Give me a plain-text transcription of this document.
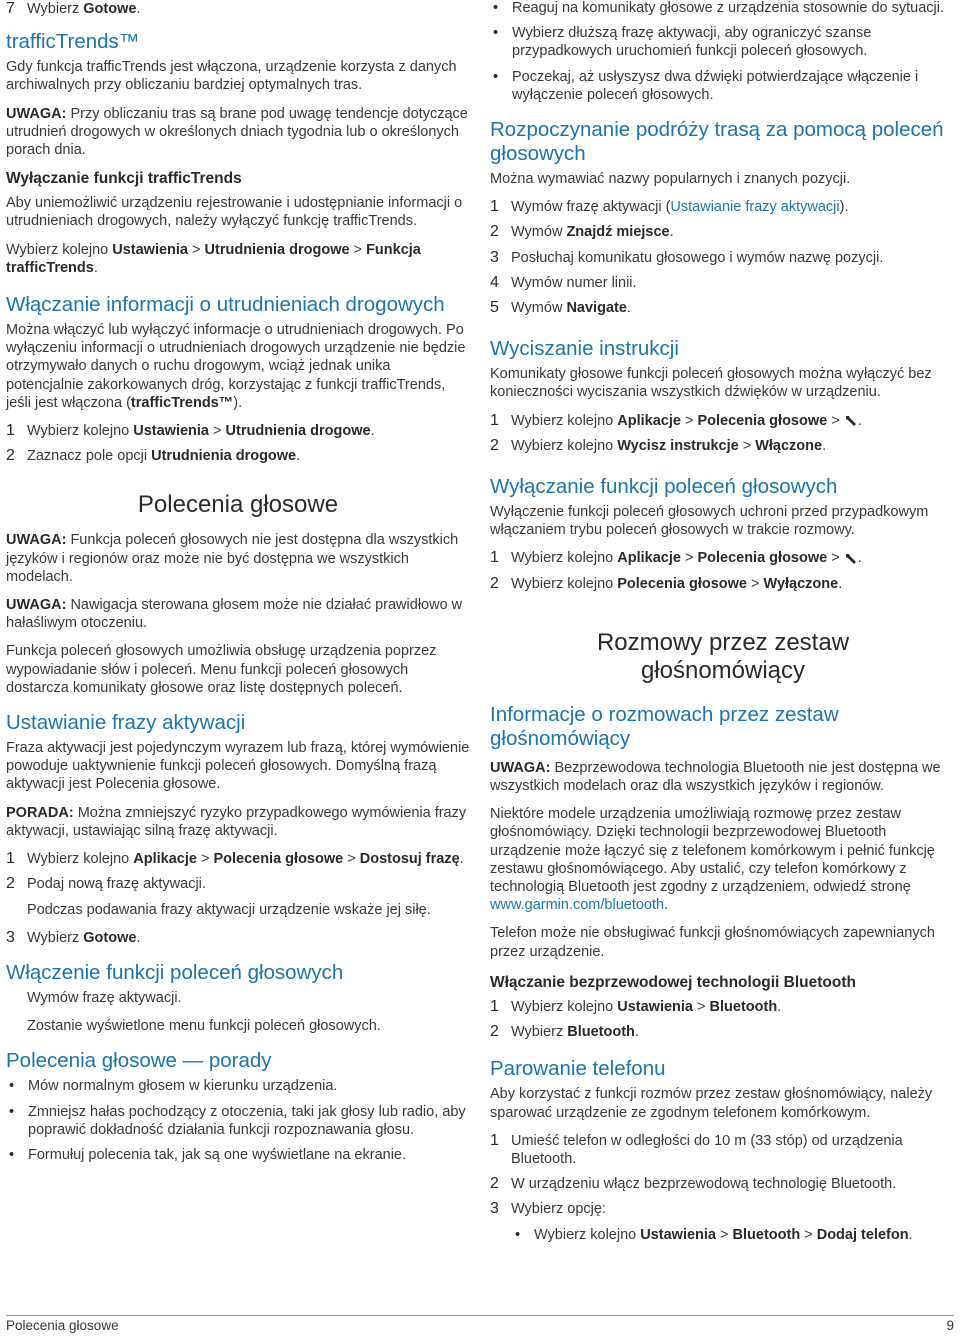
7 Wybierz Gotowe.
trafficTrends™

Gdy funkcja trafficTrends jest włączona, urządzenie korzysta z danych archiwalnych przy obliczaniu bardziej optymalnych tras.

UWAGA: Przy obliczaniu tras są brane pod uwagę tendencje dotyczące utrudnień drogowych w określonych dniach tygodnia lub o określonych porach dnia.

Wyłączanie funkcji trafficTrends

Aby uniemożliwić urządzeniu rejestrowanie i udostępnianie informacji o utrudnieniach drogowych, należy wyłączyć funkcję trafficTrends.

Wybierz kolejno Ustawienia > Utrudnienia drogowe > Funkcja trafficTrends.

Włączanie informacji o utrudnieniach drogowych

Można włączyć lub wyłączyć informacje o utrudnieniach drogowych. Po wyłączeniu informacji o utrudnieniach drogowych urządzenie nie będzie otrzymywało danych o ruchu drogowym, wciąż jednak unika potencjalnie zakorkowanych dróg, korzystając z funkcji trafficTrends, jeśli jest włączona (trafficTrends™).

1 Wybierz kolejno Ustawienia > Utrudnienia drogowe.
2 Zaznacz pole opcji Utrudnienia drogowe.
Polecenia głosowe

UWAGA: Funkcja poleceń głosowych nie jest dostępna dla wszystkich języków i regionów oraz może nie być dostępna we wszystkich modelach.

UWAGA: Nawigacja sterowana głosem może nie działać prawidłowo w hałaśliwym otoczeniu.

Funkcja poleceń głosowych umożliwia obsługę urządzenia poprzez wypowiadanie słów i poleceń. Menu funkcji poleceń głosowych dostarcza komunikaty głosowe oraz listę dostępnych poleceń.

Ustawianie frazy aktywacji

Fraza aktywacji jest pojedynczym wyrazem lub frazą, której wymówienie powoduje uaktywnienie funkcji poleceń głosowych. Domyślną frazą aktywacji jest Polecenia głosowe.

PORADA: Można zmniejszyć ryzyko przypadkowego wymówienia frazy aktywacji, ustawiając silną frazę aktywacji.

1 Wybierz kolejno Aplikacje > Polecenia głosowe > Dostosuj frazę.
2 Podaj nową frazę aktywacji.

Podczas podawania frazy aktywacji urządzenie wskaże jej siłę.

3 Wybierz Gotowe.
Włączenie funkcji poleceń głosowych

Wymów frazę aktywacji.

Zostanie wyświetlone menu funkcji poleceń głosowych.

Polecenia głosowe — porady
• Mów normalnym głosem w kierunku urządzenia.
• Zmniejsz hałas pochodzący z otoczenia, taki jak głosy lub radio, aby poprawić dokładność działania funkcji rozpoznawania głosu.
• Formułuj polecenia tak, jak są one wyświetlane na ekranie.
• Reaguj na komunikaty głosowe z urządzenia stosownie do sytuacji.
• Wybierz dłuższą frazę aktywacji, aby ograniczyć szanse przypadkowych uruchomień funkcji poleceń głosowych.
• Poczekaj, aż usłyszysz dwa dźwięki potwierdzające włączenie i wyłączenie poleceń głosowych.
Rozpoczynanie podróży trasą za pomocą poleceń głosowych

Można wymawiać nazwy popularnych i znanych pozycji.

1 Wymów frazę aktywacji (Ustawianie frazy aktywacji).
2 Wymów Znajdź miejsce.
3 Posłuchaj komunikatu głosowego i wymów nazwę pozycji.
4 Wymów numer linii.
5 Wymów Navigate.
Wyciszanie instrukcji

Komunikaty głosowe funkcji poleceń głosowych można wyłączyć bez konieczności wyciszania wszystkich dźwięków w urządzeniu.

1 Wybierz kolejno Aplikacje > Polecenia głosowe > .
2 Wybierz kolejno Wycisz instrukcje > Włączone.
Wyłączanie funkcji poleceń głosowych

Wyłączenie funkcji poleceń głosowych uchroni przed przypadkowym włączaniem trybu poleceń głosowych w trakcie rozmowy.

1 Wybierz kolejno Aplikacje > Polecenia głosowe > .
2 Wybierz kolejno Polecenia głosowe > Wyłączone.
Rozmowy przez zestaw głośnomówiący
Informacje o rozmowach przez zestaw głośnomówiący

UWAGA: Bezprzewodowa technologia Bluetooth nie jest dostępna we wszystkich modelach oraz dla wszystkich języków i regionów.

Niektóre modele urządzenia umożliwiają rozmowę przez zestaw głośnomówiący. Dzięki technologii bezprzewodowej Bluetooth urządzenie może łączyć się z telefonem komórkowym i pełnić funkcję zestawu głośnomówiącego. Aby ustalić, czy telefon komórkowy z technologią Bluetooth jest zgodny z urządzeniem, odwiedź stronę www.garmin.com/bluetooth.

Telefon może nie obsługiwać funkcji głośnomówiących zapewnianych przez urządzenie.

Włączanie bezprzewodowej technologii Bluetooth
1 Wybierz kolejno Ustawienia > Bluetooth.
2 Wybierz Bluetooth.
Parowanie telefonu

Aby korzystać z funkcji rozmów przez zestaw głośnomówiący, należy sparować urządzenie ze zgodnym telefonem komórkowym.

1 Umieść telefon w odległości do 10 m (33 stóp) od urządzenia Bluetooth.
2 W urządzeniu włącz bezprzewodową technologię Bluetooth.
3 Wybierz opcję:
• Wybierz kolejno Ustawienia > Bluetooth > Dodaj telefon.
Polecenia głosowe	9
